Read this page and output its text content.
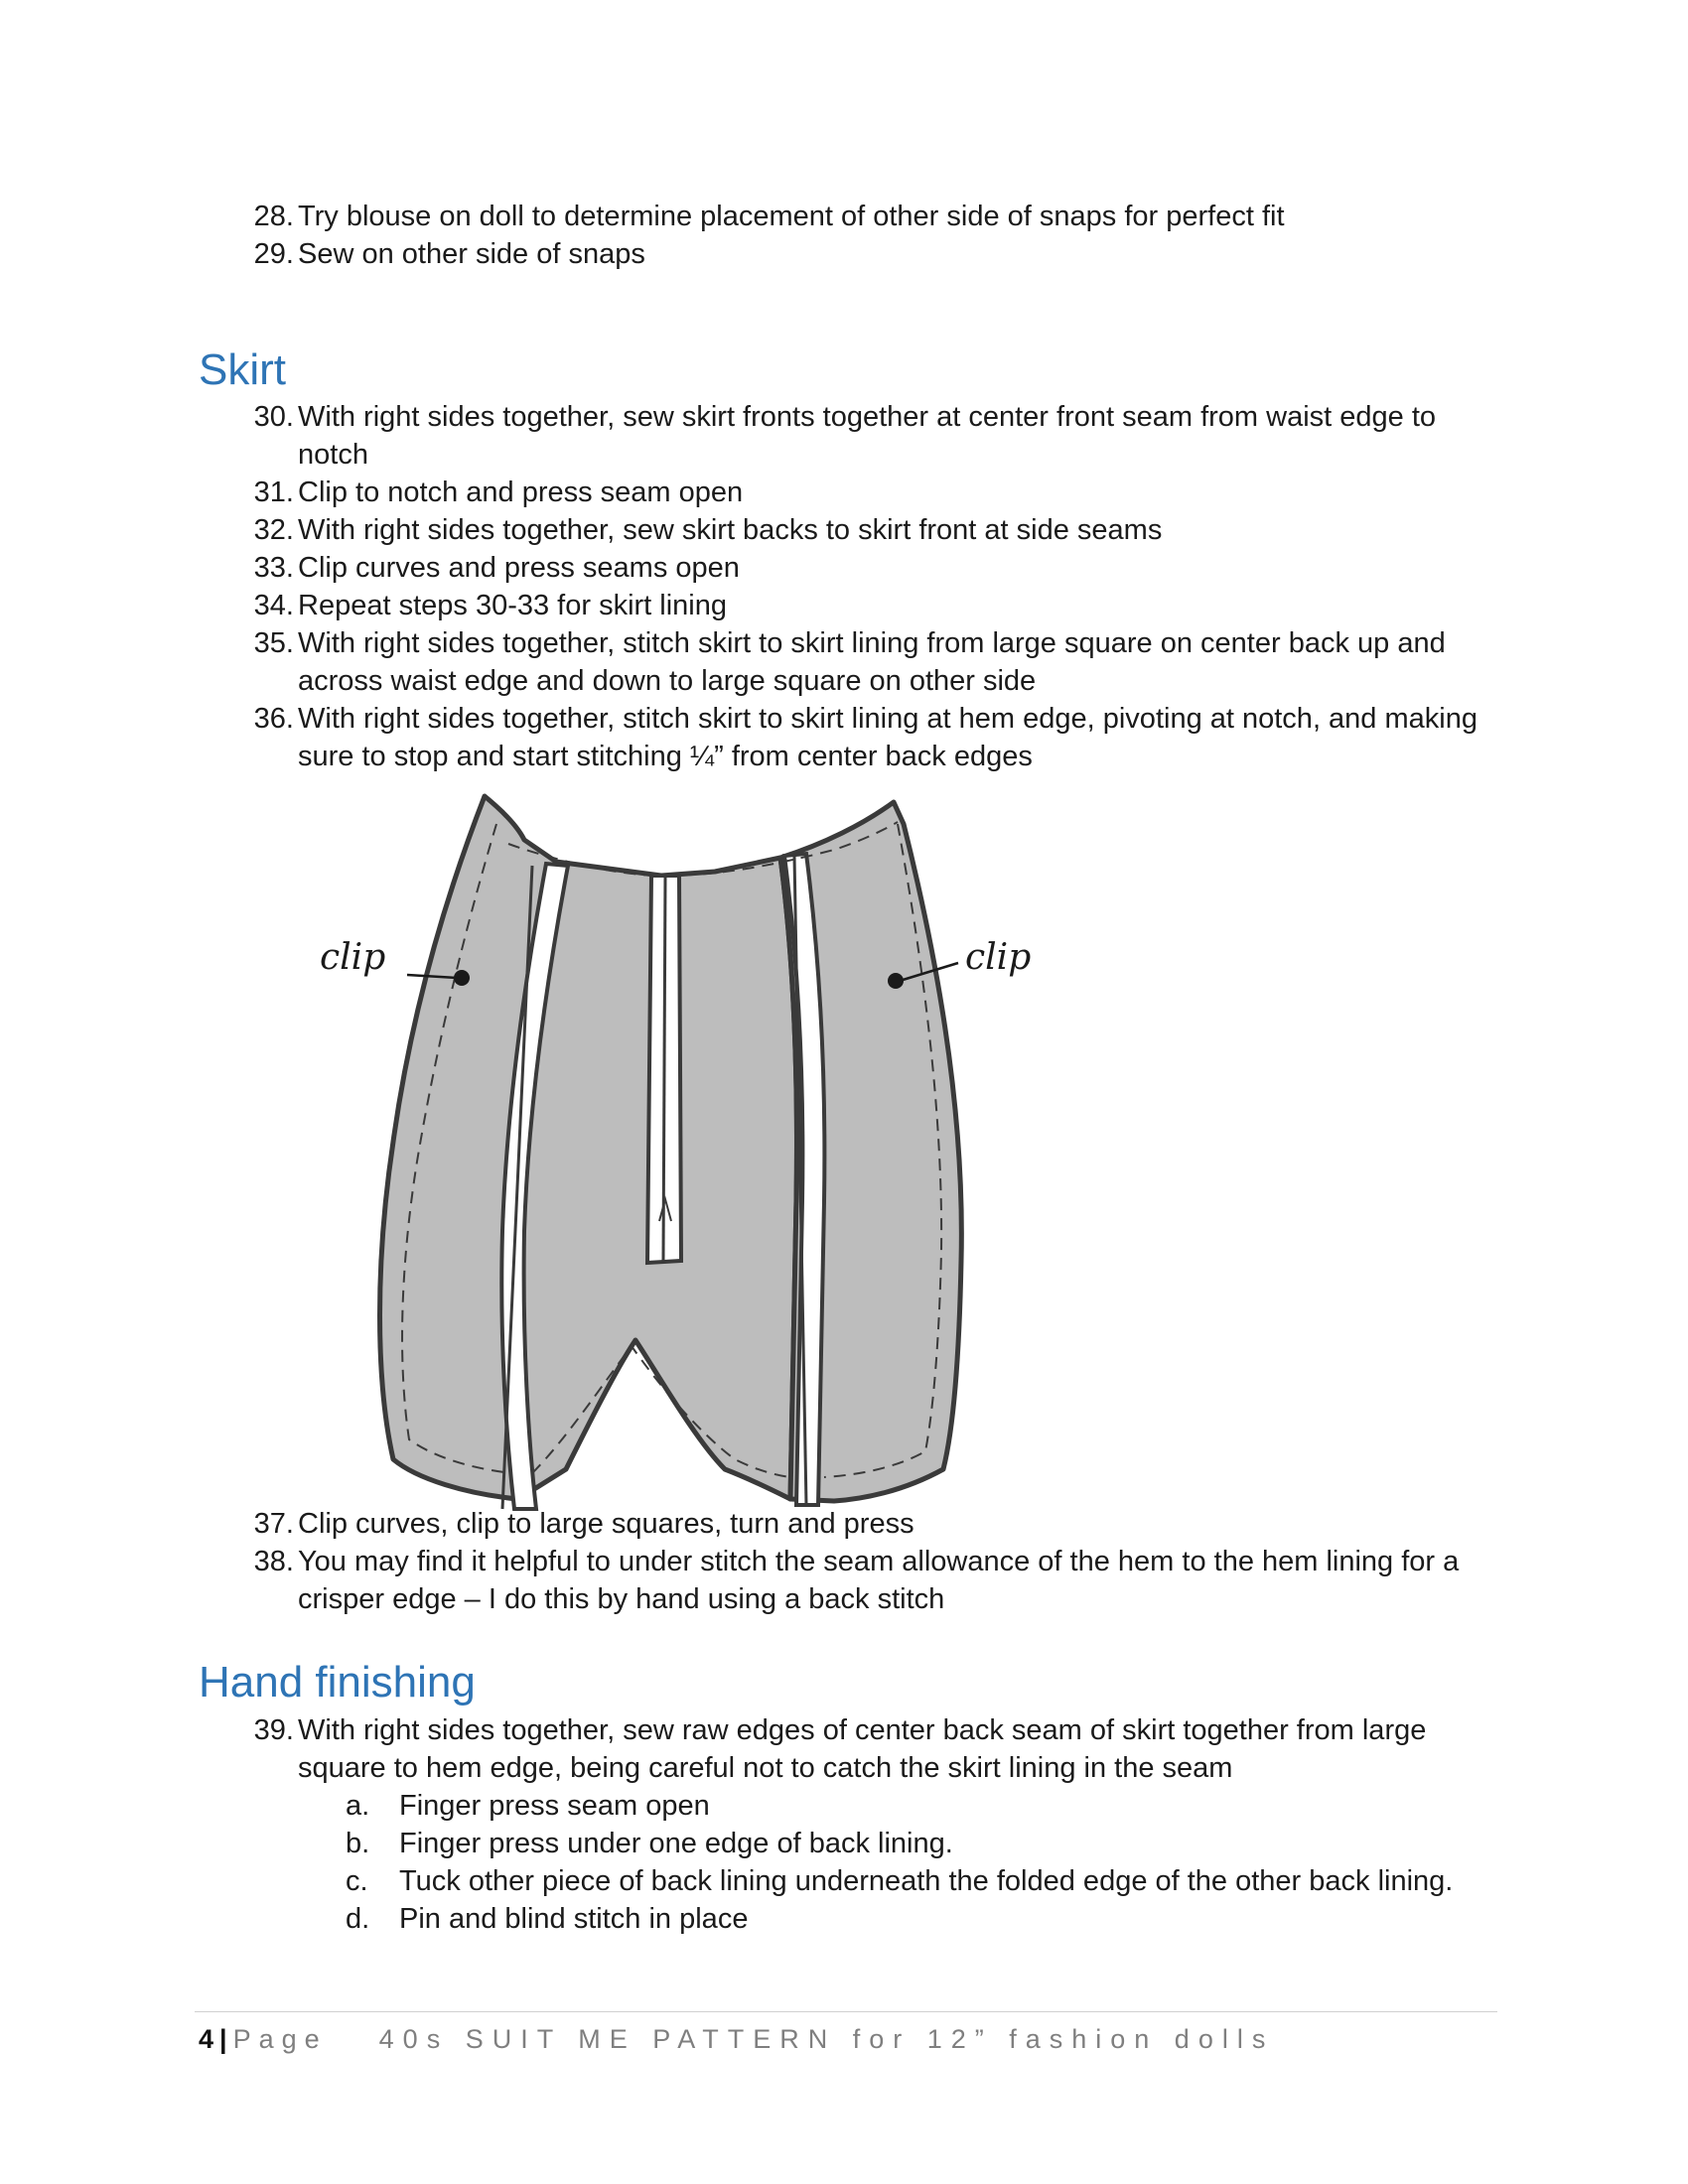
28. Try blouse on doll to determine placement of other side of snaps for perfect fit
29. Sew on other side of snaps
Skirt
30. With right sides together, sew skirt fronts together at center front seam from waist edge to notch
31. Clip to notch and press seam open
32. With right sides together, sew skirt backs to skirt front at side seams
33. Clip curves and press seams open
34. Repeat steps 30-33 for skirt lining
35. With right sides together, stitch skirt to skirt lining from large square on center back up and across waist edge and down to large square on other side
36. With right sides together, stitch skirt to skirt lining at hem edge, pivoting at notch, and making sure to stop and start stitching ¼” from center back edges
clip	clip
37. Clip curves, clip to large squares, turn and press
38. You may find it helpful to under stitch the seam allowance of the hem to the hem lining for a crisper edge – I do this by hand using a back stitch
Hand finishing
39. With right sides together, sew raw edges of center back seam of skirt together from large square to hem edge, being careful not to catch the skirt lining in the seam
a. Finger press seam open
b. Finger press under one edge of back lining.
c. Tuck other piece of back lining underneath the folded edge of the other back lining.
d. Pin and blind stitch in place
4 | Page 40s SUIT ME PATTERN for 12” fashion dolls
